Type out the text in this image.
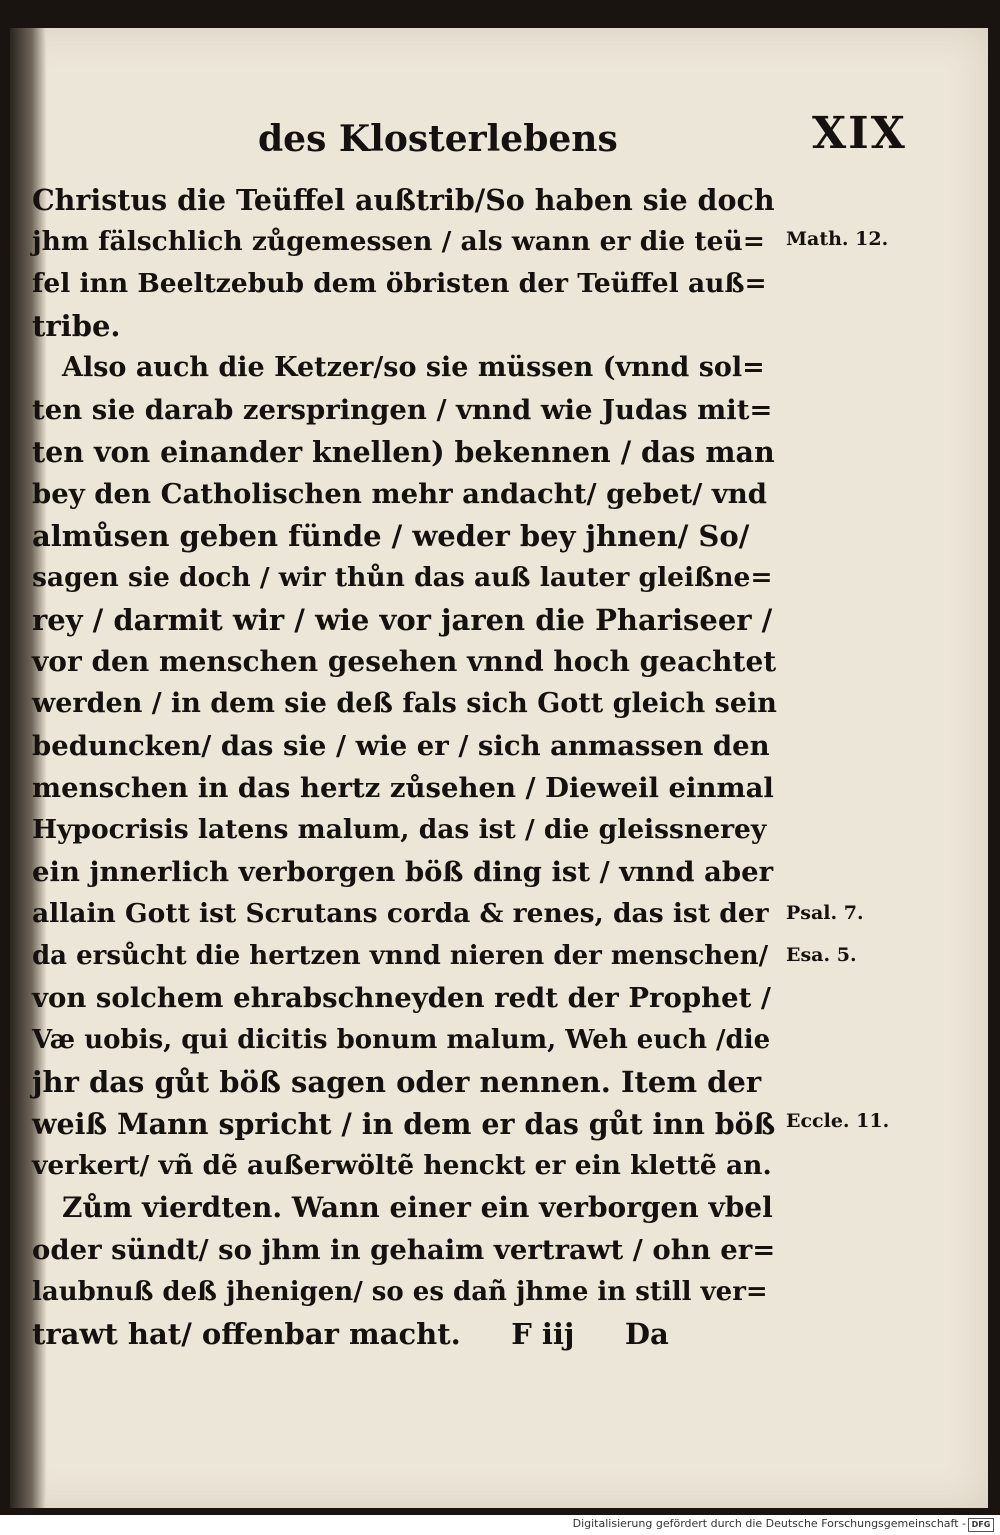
des Klosterlebens	XIX
Christus die Teüffel außtrib/So haben sie doch
jhm fälschlich zůgemessen / als wann er die teü=
fel inn Beeltzebub dem öbristen der Teüffel auß=
tribe.
Also auch die Ketzer/so sie müssen (vnnd sol=
ten sie darab zerspringen / vnnd wie Judas mit=
ten von einander knellen) bekennen / das man
bey den Catholischen mehr andacht/ gebet/ vnd
almůsen geben fünde / weder bey jhnen/ So/
sagen sie doch / wir thůn das auß lauter gleißne=
rey / darmit wir / wie vor jaren die Phariseer /
vor den menschen gesehen vnnd hoch geachtet
werden / in dem sie deß fals sich Gott gleich sein
beduncken/ das sie / wie er / sich anmassen den
menschen in das hertz zůsehen / Dieweil einmal
Hypocrisis latens malum, das ist / die gleissnerey
ein jnnerlich verborgen böß ding ist / vnnd aber
allain Gott ist Scrutans corda & renes, das ist der
da ersůcht die hertzen vnnd nieren der menschen/
von solchem ehrabschneyden redt der Prophet /
Væ uobis, qui dicitis bonum malum, Weh euch /die
jhr das gůt böß sagen oder nennen. Item der
weiß Mann spricht / in dem er das gůt inn böß
verkert/ vñ dẽ außerwöltẽ henckt er ein klettẽ an.
Zům vierdten. Wann einer ein verborgen vbel
oder sündt/ so jhm in gehaim vertrawt / ohn er=
laubnuß deß jhenigen/ so es dañ jhme in still ver=
trawt hat/ offenbar macht.     F iij     Da
Math. 12.
Psal. 7.
Esa. 5.
Eccle. 11.
Digitalisierung gefördert durch die Deutsche Forschungsgemeinschaft - DFG
